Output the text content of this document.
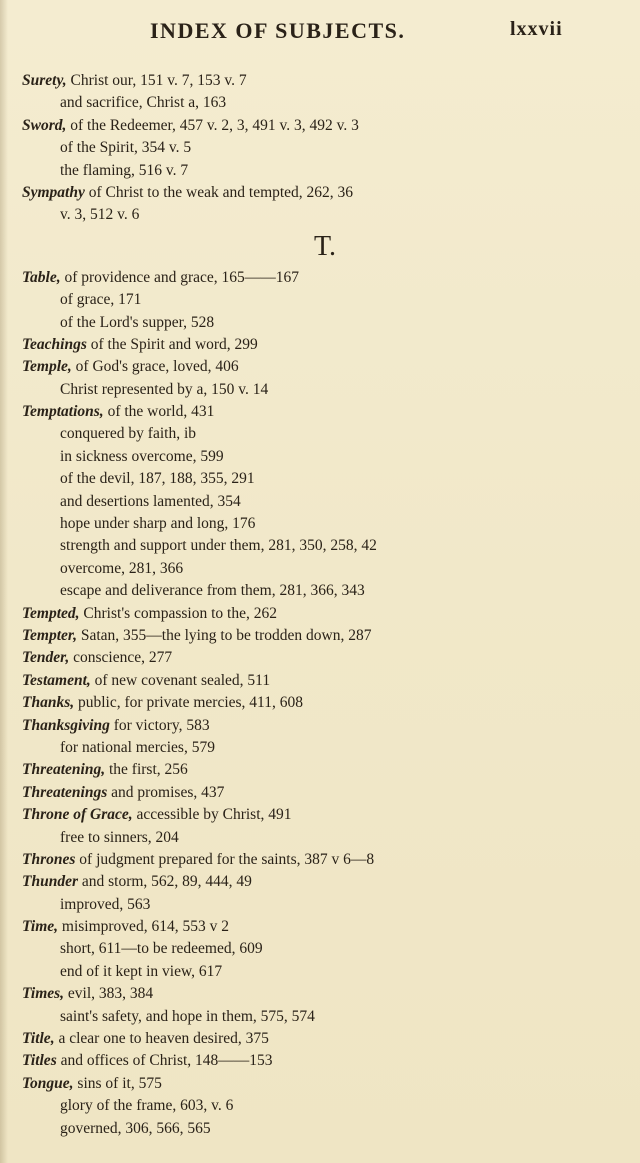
INDEX OF SUBJECTS.	lxxvii
Surety, Christ our, 151 v. 7, 153 v. 7
and sacrifice, Christ a, 163
Sword, of the Redeemer, 457 v. 2, 3, 491 v. 3, 492 v. 3
of the Spirit, 354 v. 5
the flaming, 516 v. 7
Sympathy of Christ to the weak and tempted, 262, 36
v. 3, 512 v. 6
T.
Table, of providence and grace, 165——167
of grace, 171
of the Lord's supper, 528
Teachings of the Spirit and word, 299
Temple, of God's grace, loved, 406
Christ represented by a, 150 v. 14
Temptations, of the world, 431
conquered by faith, ib
in sickness overcome, 599
of the devil, 187, 188, 355, 291
and desertions lamented, 354
hope under sharp and long, 176
strength and support under them, 281, 350, 258, 42
overcome, 281, 366
escape and deliverance from them, 281, 366, 343
Tempted, Christ's compassion to the, 262
Tempter, Satan, 355—the lying to be trodden down, 287
Tender, conscience, 277
Testament, of new covenant sealed, 511
Thanks, public, for private mercies, 411, 608
Thanksgiving for victory, 583
for national mercies, 579
Threatening, the first, 256
Threatenings and promises, 437
Throne of Grace, accessible by Christ, 491
free to sinners, 204
Thrones of judgment prepared for the saints, 387 v 6—8
Thunder and storm, 562, 89, 444, 49
improved, 563
Time, misimproved, 614, 553 v 2
short, 611—to be redeemed, 609
end of it kept in view, 617
Times, evil, 383, 384
saint's safety, and hope in them, 575, 574
Title, a clear one to heaven desired, 375
Titles and offices of Christ, 148——153
Tongue, sins of it, 575
glory of the frame, 603, v. 6
governed, 306, 566, 565
